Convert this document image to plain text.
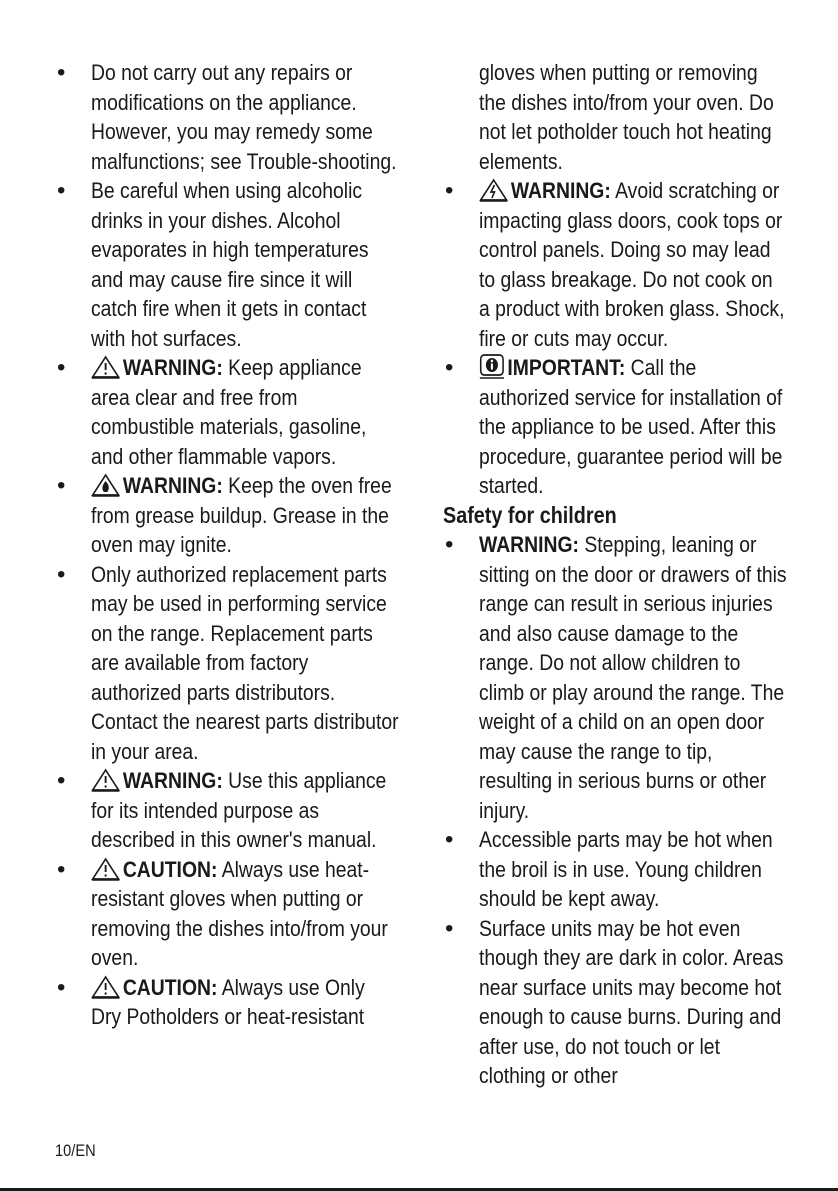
• Do not carry out any repairs or modifications on the appliance. However, you may remedy some malfunctions; see Trouble-shooting.
• Be careful when using alcoholic drinks in your dishes. Alcohol evaporates in high temperatures and may cause fire since it will catch fire when it gets in contact with hot surfaces.
•	WARNING: Keep appliance area clear and free from combustible materials, gasoline, and other flammable vapors.
•	WARNING: Keep the oven free from grease buildup. Grease in the oven may ignite.
• Only authorized replacement parts may be used in performing service on the range. Replacement parts are available from factory authorized parts distributors. Contact the nearest parts distributor in your area.
•	WARNING: Use this appliance for its intended purpose as described in this owner's manual.
•	CAUTION: Always use heat-resistant gloves when putting or removing the dishes into/from your oven.
•	CAUTION: Always use Only Dry Potholders or heat-resistant
gloves when putting or removing the dishes into/from your oven. Do not let potholder touch hot heating elements.
•	WARNING: Avoid scratching or impacting glass doors, cook tops or control panels. Doing so may lead to glass breakage. Do not cook on a product with broken glass. Shock, fire or cuts may occur.
•	IMPORTANT: Call the authorized service for installation of the appliance to be used. After this procedure, guarantee period will be started.
Safety for children
• WARNING: Stepping, leaning or sitting on the door or drawers of this range can result in serious injuries and also cause damage to the range. Do not allow children to climb or play around the range. The weight of a child on an open door may cause the range to tip, resulting in serious burns or other injury.
• Accessible parts may be hot when the broil is in use. Young children should be kept away.
• Surface units may be hot even though they are dark in color. Areas near surface units may become hot enough to cause burns. During and after use, do not touch or let clothing or other
10/EN
